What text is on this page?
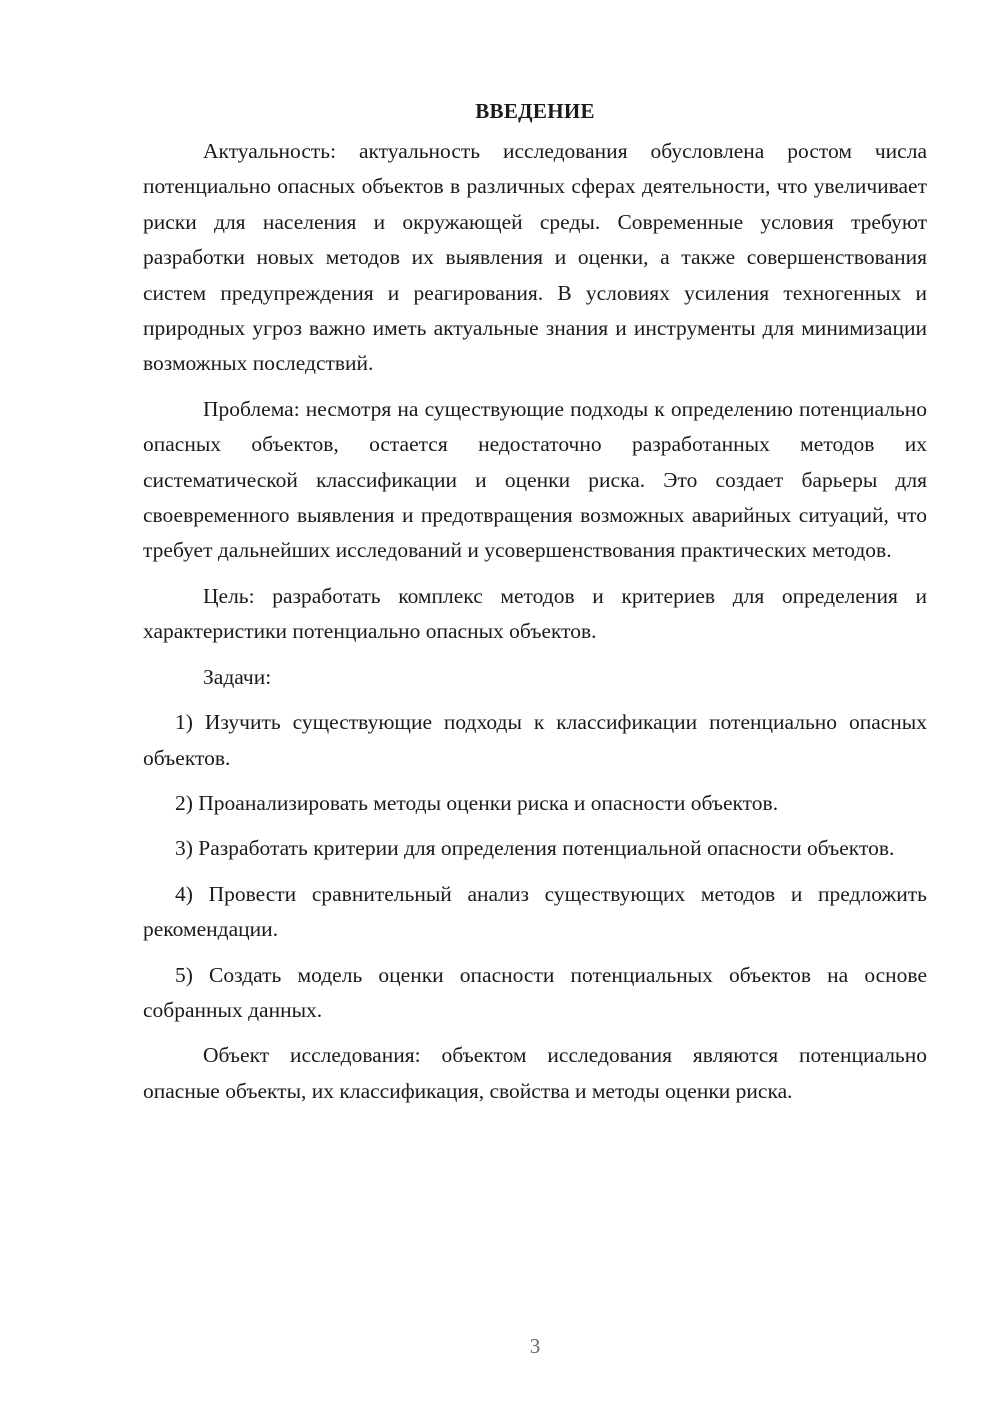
ВВЕДЕНИЕ

Актуальность: актуальность исследования обусловлена ростом числа потенциально опасных объектов в различных сферах деятельности, что увеличивает риски для населения и окружающей среды. Современные условия требуют разработки новых методов их выявления и оценки, а также совершенствования систем предупреждения и реагирования. В условиях усиления техногенных и природных угроз важно иметь актуальные знания и инструменты для минимизации возможных последствий.

Проблема: несмотря на существующие подходы к определению потенциально опасных объектов, остается недостаточно разработанных методов их систематической классификации и оценки риска. Это создает барьеры для своевременного выявления и предотвращения возможных аварийных ситуаций, что требует дальнейших исследований и усовершенствования практических методов.

Цель: разработать комплекс методов и критериев для определения и характеристики потенциально опасных объектов.

Задачи:

1) Изучить существующие подходы к классификации потенциально опасных объектов.

2) Проанализировать методы оценки риска и опасности объектов.

3) Разработать критерии для определения потенциальной опасности объектов.

4) Провести сравнительный анализ существующих методов и предложить рекомендации.

5) Создать модель оценки опасности потенциальных объектов на основе собранных данных.

Объект исследования: объектом исследования являются потенциально опасные объекты, их классификация, свойства и методы оценки риска.

3
